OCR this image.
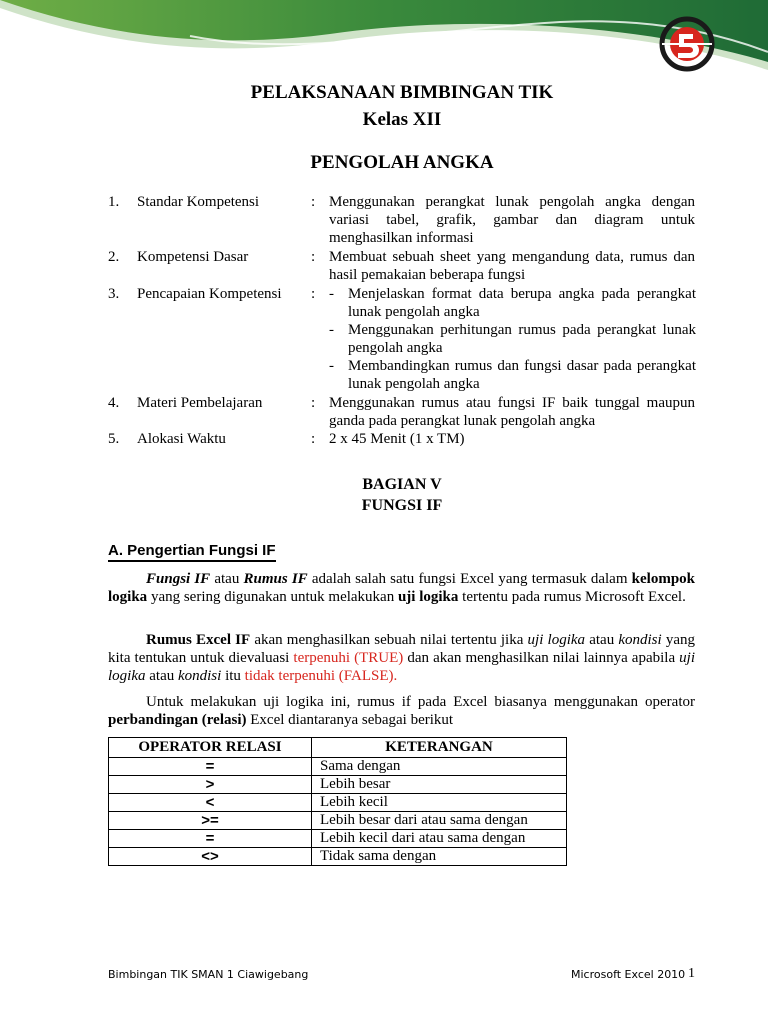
PELAKSANAAN BIMBINGAN TIK
Kelas XII
PENGOLAH ANGKA
1. Standar Kompetensi	: Menggunakan perangkat lunak pengolah angka dengan variasi tabel, grafik, gambar dan diagram untuk menghasilkan informasi
2. Kompetensi Dasar	: Membuat sebuah sheet yang mengandung data, rumus dan hasil pemakaian beberapa fungsi
3. Pencapaian Kompetensi : - Menjelaskan format data berupa angka pada perangkat lunak pengolah angka
- Menggunakan perhitungan rumus pada perangkat lunak pengolah angka
- Membandingkan rumus dan fungsi dasar pada perangkat lunak pengolah angka
4. Materi Pembelajaran	: Menggunakan rumus atau fungsi IF baik tunggal maupun ganda pada perangkat lunak pengolah angka
5. Alokasi Waktu	: 2 x 45 Menit (1 x TM)
BAGIAN V
FUNGSI IF
A. Pengertian Fungsi IF
Fungsi IF atau Rumus IF adalah salah satu fungsi Excel yang termasuk dalam kelompok logika yang sering digunakan untuk melakukan uji logika tertentu pada rumus Microsoft Excel.
Rumus Excel IF akan menghasilkan sebuah nilai tertentu jika uji logika atau kondisi yang kita tentukan untuk dievaluasi terpenuhi (TRUE) dan akan menghasilkan nilai lainnya apabila uji logika atau kondisi itu tidak terpenuhi (FALSE).
Untuk melakukan uji logika ini, rumus if pada Excel biasanya menggunakan operator perbandingan (relasi) Excel diantaranya sebagai berikut
OPERATOR RELASI	KETERANGAN
=	Sama dengan
>	Lebih besar
<	Lebih kecil
>=	Lebih besar dari atau sama dengan
=	Lebih kecil dari atau sama dengan
<>	Tidak sama dengan
Bimbingan TIK SMAN 1 Ciawigebang	Microsoft Excel 2010 1
